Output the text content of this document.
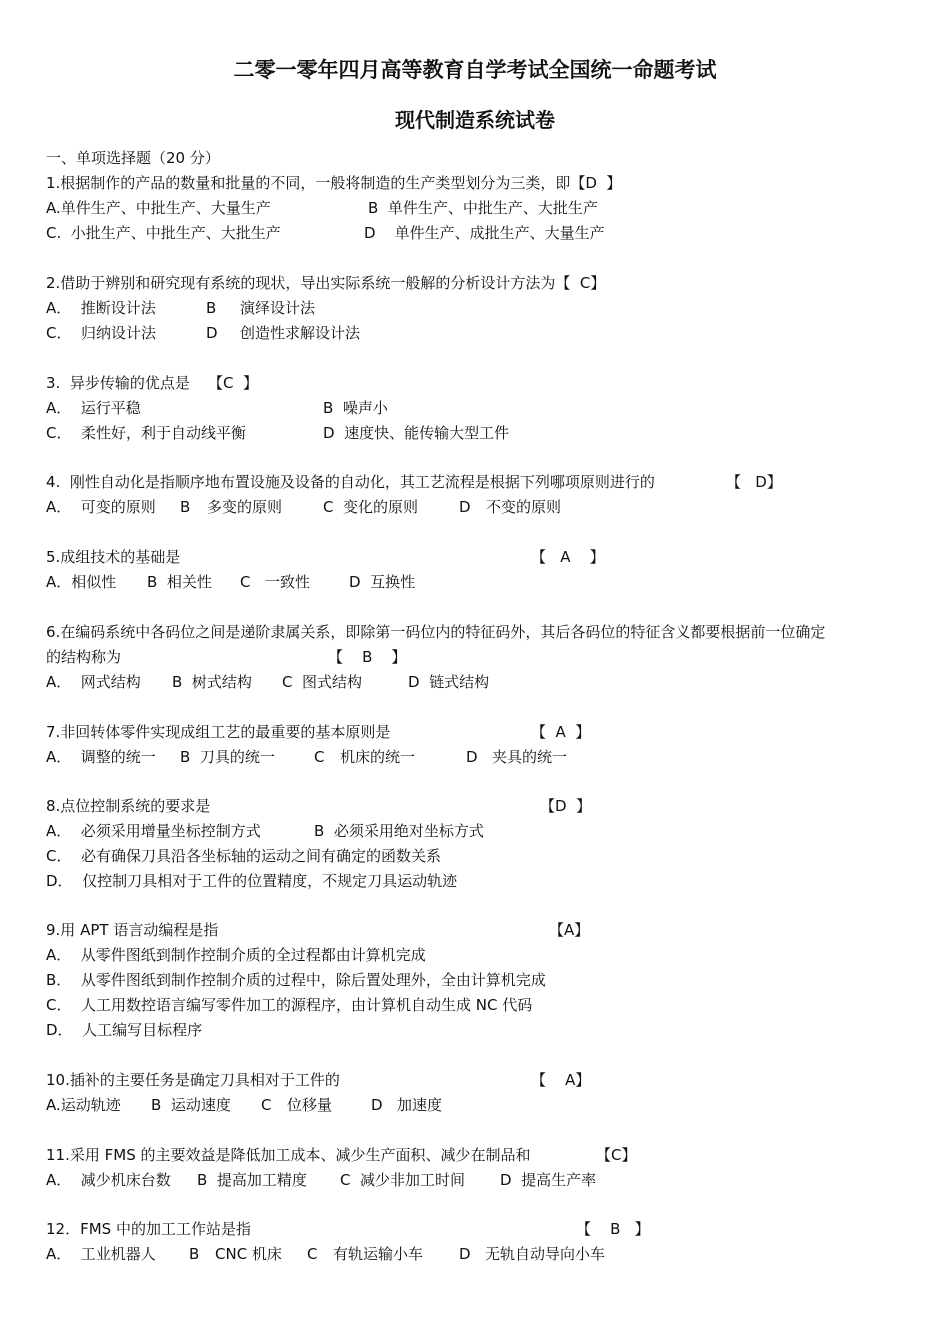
二零一零年四月高等教育自学考试全国统一命题考试
现代制造系统试卷
一、单项选择题（20 分）
1.根据制作的产品的数量和批量的不同，一般将制造的生产类型划分为三类，即【D  】
A.单件生产、中批生产、大量生产	B  单件生产、中批生产、大批生产
C.  小批生产、中批生产、大批生产	D    单件生产、成批生产、大量生产
2.借助于辨别和研究现有系统的现状，导出实际系统一般解的分析设计方法为【  C】
A．  推断设计法	B 演绎设计法
C．  归纳设计法	D 创造性求解设计法
3.  异步传输的优点是 【C  】
A．  运行平稳	B  噪声小
C．  柔性好，利于自动线平衡	D  速度快、能传输大型工件
4.  刚性自动化是指顺序地布置设施及设备的自动化，其工艺流程是根据下列哪项原则进行的	【   D】
A．  可变的原则 B 多变的原则	C  变化的原则	D 不变的原则
5.成组技术的基础是	【   A    】
A．相似性 B  相关性 C 一致性	D  互换性
6.在编码系统中各码位之间是递阶隶属关系，即除第一码位内的特征码外，其后各码位的特征含义都要根据前一位确定
的结构称为	【    B    】
A．  网式结构 B  树式结构 C  图式结构	D  链式结构
7.非回转体零件实现成组工艺的最重要的基本原则是	【  A  】
A．  调整的统一 B  刀具的统一	C 机床的统一	D 夹具的统一
8.点位控制系统的要求是	【D  】
A．  必须采用增量坐标控制方式	B  必须采用绝对坐标方式
C．  必有确保刀具沿各坐标轴的运动之间有确定的函数关系
D．  仅控制刀具相对于工件的位置精度，不规定刀具运动轨迹
9.用 APT 语言动编程是指	【A】
A．  从零件图纸到制作控制介质的全过程都由计算机完成
B．  从零件图纸到制作控制介质的过程中，除后置处理外，全由计算机完成
C．  人工用数控语言编写零件加工的源程序，由计算机自动生成 NC 代码
D．  人工编写目标程序
10.插补的主要任务是确定刀具相对于工件的	【    A】
A.运动轨迹 B  运动速度 C 位移量	D 加速度
11.采用 FMS 的主要效益是降低加工成本、减少生产面积、减少在制品和	【C】
A．  减少机床台数 B  提高加工精度 C  减少非加工时间 D  提高生产率
12．FMS 中的加工工作站是指	【    B   】
A．  工业机器人 B CNC 机床 C 有轨运输小车 D 无轨自动导向小车
